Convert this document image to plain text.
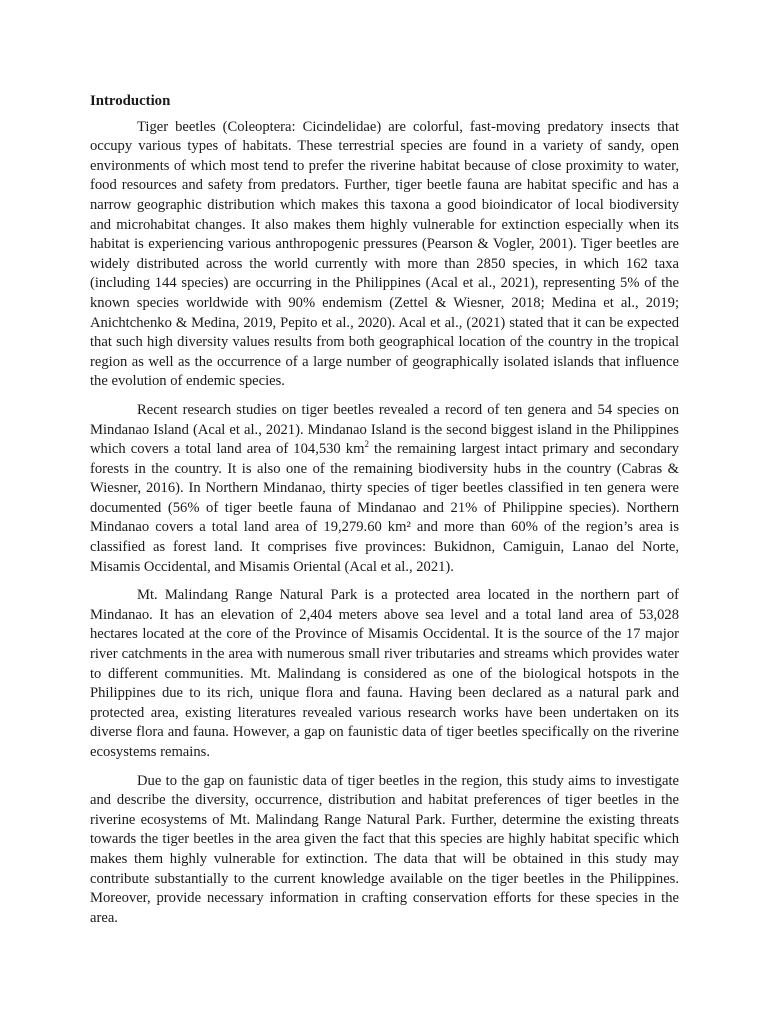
Introduction

Tiger beetles (Coleoptera: Cicindelidae) are colorful, fast-moving predatory insects that occupy various types of habitats. These terrestrial species are found in a variety of sandy, open environments of which most tend to prefer the riverine habitat because of close proximity to water, food resources and safety from predators. Further, tiger beetle fauna are habitat specific and has a narrow geographic distribution which makes this taxona a good bioindicator of local biodiversity and microhabitat changes. It also makes them highly vulnerable for extinction especially when its habitat is experiencing various anthropogenic pressures (Pearson & Vogler, 2001). Tiger beetles are widely distributed across the world currently with more than 2850 species, in which 162 taxa (including 144 species) are occurring in the Philippines (Acal et al., 2021), representing 5% of the known species worldwide with 90% endemism (Zettel & Wiesner, 2018; Medina et al., 2019; Anichtchenko & Medina, 2019, Pepito et al., 2020). Acal et al., (2021) stated that it can be expected that such high diversity values results from both geographical location of the country in the tropical region as well as the occurrence of a large number of geographically isolated islands that influence the evolution of endemic species.

Recent research studies on tiger beetles revealed a record of ten genera and 54 species on Mindanao Island (Acal et al., 2021). Mindanao Island is the second biggest island in the Philippines which covers a total land area of 104,530 $km^2$ the remaining largest intact primary and secondary forests in the country. It is also one of the remaining biodiversity hubs in the country (Cabras & Wiesner, 2016). In Northern Mindanao, thirty species of tiger beetles classified in ten genera were documented (56% of tiger beetle fauna of Mindanao and 21% of Philippine species). Northern Mindanao covers a total land area of 19,279.60 km² and more than 60% of the region’s area is classified as forest land. It comprises five provinces: Bukidnon, Camiguin, Lanao del Norte, Misamis Occidental, and Misamis Oriental (Acal et al., 2021).

Mt. Malindang Range Natural Park is a protected area located in the northern part of Mindanao. It has an elevation of 2,404 meters above sea level and a total land area of 53,028 hectares located at the core of the Province of Misamis Occidental. It is the source of the 17 major river catchments in the area with numerous small river tributaries and streams which provides water to different communities. Mt. Malindang is considered as one of the biological hotspots in the Philippines due to its rich, unique flora and fauna. Having been declared as a natural park and protected area, existing literatures revealed various research works have been undertaken on its diverse flora and fauna. However, a gap on faunistic data of tiger beetles specifically on the riverine ecosystems remains.

Due to the gap on faunistic data of tiger beetles in the region, this study aims to investigate and describe the diversity, occurrence, distribution and habitat preferences of tiger beetles in the riverine ecosystems of Mt. Malindang Range Natural Park. Further, determine the existing threats towards the tiger beetles in the area given the fact that this species are highly habitat specific which makes them highly vulnerable for extinction. The data that will be obtained in this study may contribute substantially to the current knowledge available on the tiger beetles in the Philippines. Moreover, provide necessary information in crafting conservation efforts for these species in the area.
